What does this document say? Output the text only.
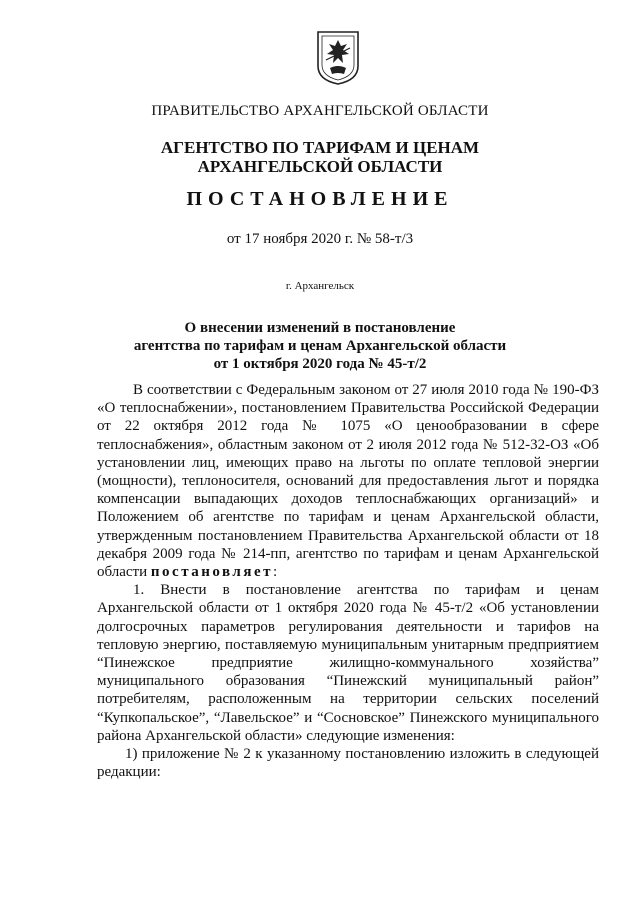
ПРАВИТЕЛЬСТВО АРХАНГЕЛЬСКОЙ ОБЛАСТИ
АГЕНТСТВО ПО ТАРИФАМ И ЦЕНАМ
АРХАНГЕЛЬСКОЙ ОБЛАСТИ
ПОСТАНОВЛЕНИЕ
от 17 ноября 2020 г. № 58-т/3
г. Архангельск
О внесении изменений в постановление
агентства по тарифам и ценам Архангельской области
от 1 октября 2020 года № 45-т/2

В соответствии с Федеральным законом от 27 июля 2010 года № 190-ФЗ «О теплоснабжении», постановлением Правительства Российской Федерации от 22 октября 2012 года № 1075 «О ценообразовании в сфере теплоснабжения», областным законом от 2 июля 2012 года № 512-32-ОЗ «Об установлении лиц, имеющих право на льготы по оплате тепловой энергии (мощности), теплоносителя, оснований для предоставления льгот и порядка компенсации выпадающих доходов теплоснабжающих организаций» и Положением об агентстве по тарифам и ценам Архангельской области, утвержденным постановлением Правительства Архангельской области от 18 декабря 2009 года № 214-пп, агентство по тарифам и ценам Архангельской области постановляет:

1. Внести в постановление агентства по тарифам и ценам Архангельской области от 1 октября 2020 года № 45-т/2 «Об установлении долгосрочных параметров регулирования деятельности и тарифов на тепловую энергию, поставляемую муниципальным унитарным предприятием “Пинежское предприятие жилищно-коммунального хозяйства” муниципального образования “Пинежский муниципальный район” потребителям, расположенным на территории сельских поселений “Купкопальское”, “Лавельское” и “Сосновское” Пинежского муниципального района Архангельской области» следующие изменения:

1) приложение № 2 к указанному постановлению изложить в следующей редакции:
